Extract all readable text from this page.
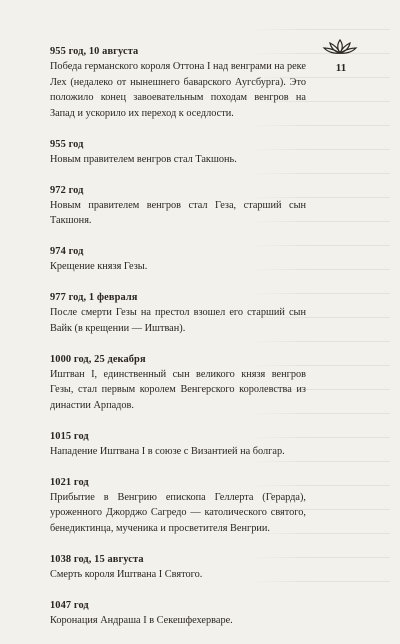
11
955 год, 10 августа
Победа германского короля Оттона I над венграми на реке Лех (недалеко от нынешнего баварского Аугсбурга). Это положило конец завоевательным походам венгров на Запад и ускорило их переход к оседлости.
955 год
Новым правителем венгров стал Такшонь.
972 год
Новым правителем венгров стал Геза, старший сын Такшоня.
974 год
Крещение князя Гезы.
977 год, 1 февраля
После смерти Гезы на престол взошел его старший сын Вайк (в крещении — Иштван).
1000 год, 25 декабря
Иштван I, единственный сын великого князя венгров Гезы, стал первым королем Венгерского королевства из династии Арпадов.
1015 год
Нападение Иштвана I в союзе с Византией на болгар.
1021 год
Прибытие в Венгрию епископа Геллерта (Герарда), уроженного Джорджо Сагредо — католического святого, бенедиктинца, мученика и просветителя Венгрии.
1038 год, 15 августа
Смерть короля Иштвана I Святого.
1047 год
Коронация Андраша I в Секешфехерваре.
